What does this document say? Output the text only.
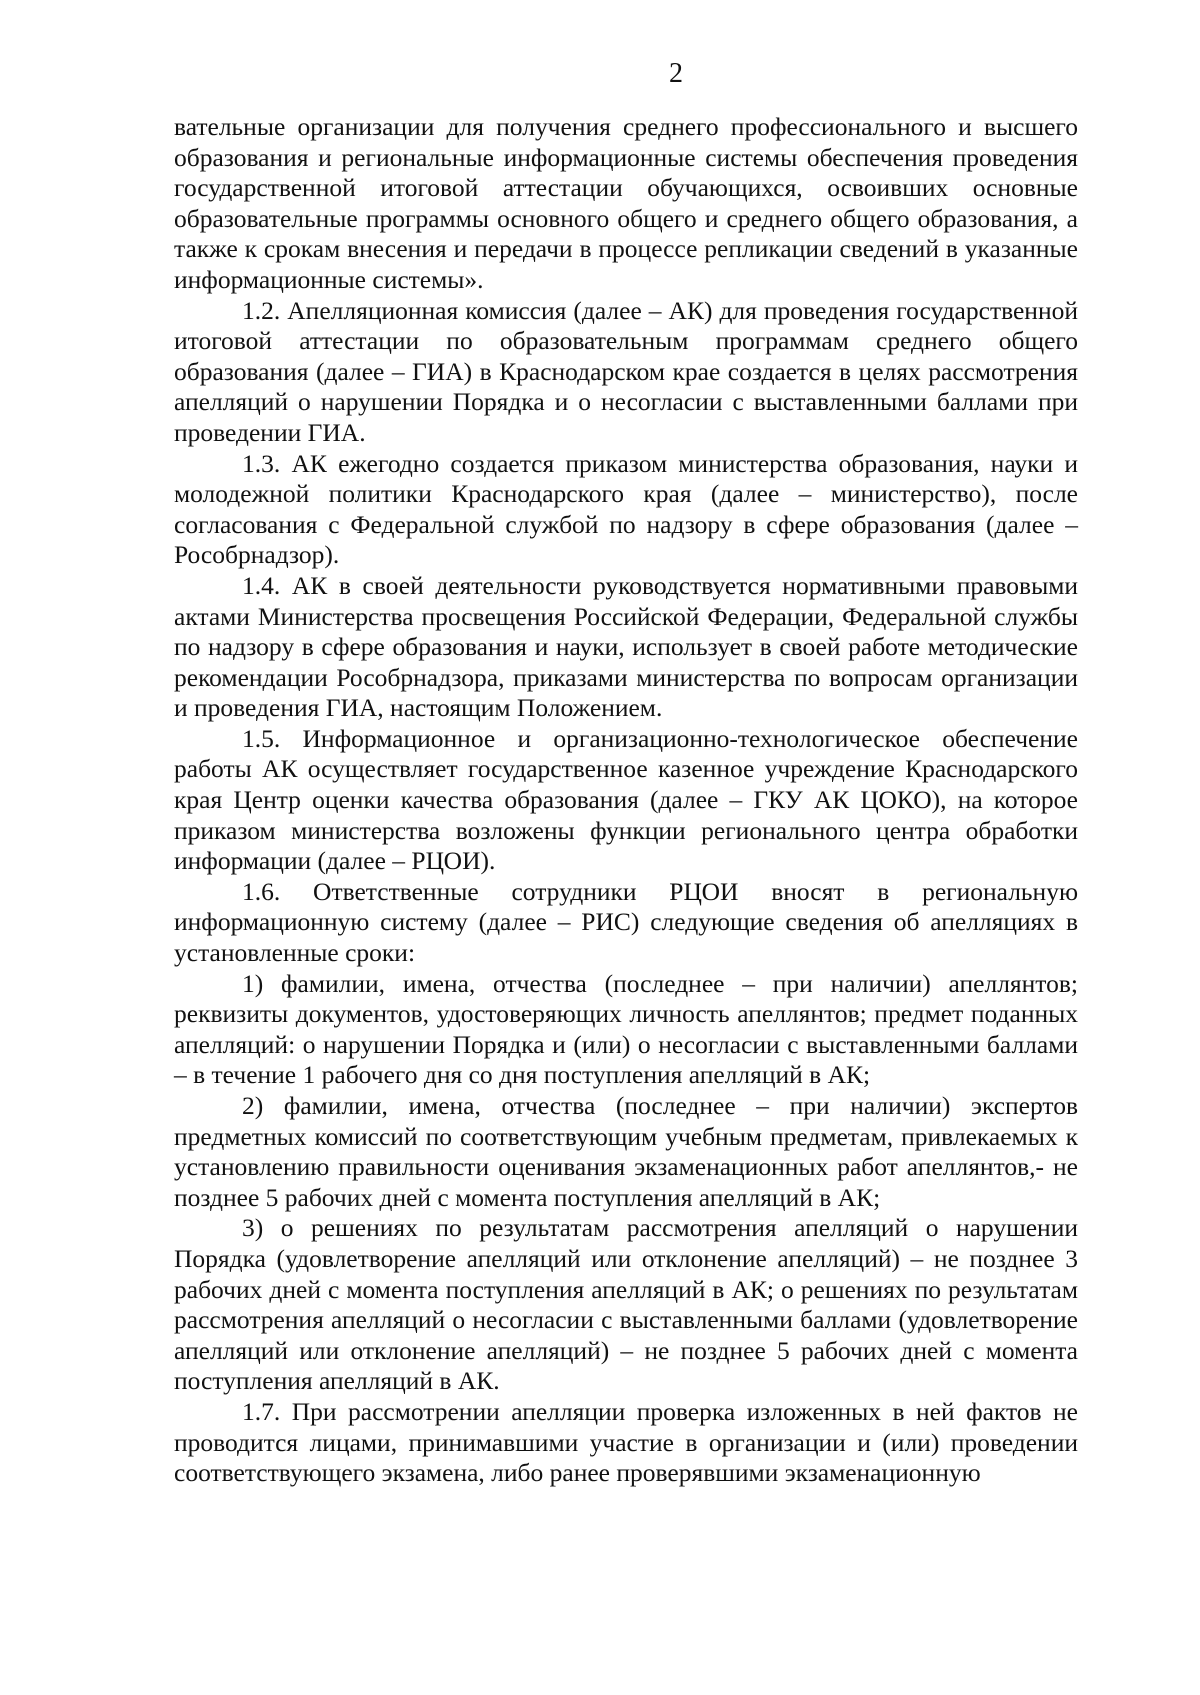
2

вательные организации для получения среднего профессионального и высшего образования и региональные информационные системы обеспечения проведения государственной итоговой аттестации обучающихся, освоивших основные образовательные программы основного общего и среднего общего образования, а также к срокам внесения и передачи в процессе репликации сведений в указанные информационные системы».

1.2. Апелляционная комиссия (далее – АК) для проведения государственной итоговой аттестации по образовательным программам среднего общего образования (далее – ГИА) в Краснодарском крае создается в целях рассмотрения апелляций о нарушении Порядка и о несогласии с выставленными баллами при проведении ГИА.

1.3. АК ежегодно создается приказом министерства образования, науки и молодежной политики Краснодарского края (далее – министерство), после согласования с Федеральной службой по надзору в сфере образования (далее – Рособрнадзор).

1.4. АК в своей деятельности руководствуется нормативными правовыми актами Министерства просвещения Российской Федерации, Федеральной службы по надзору в сфере образования и науки, использует в своей работе методические рекомендации Рособрнадзора, приказами министерства по вопросам организации и проведения ГИА, настоящим Положением.

1.5. Информационное и организационно-технологическое обеспечение работы АК осуществляет государственное казенное учреждение Краснодарского края Центр оценки качества образования (далее – ГКУ АК ЦОКО), на которое приказом министерства возложены функции регионального центра обработки информации (далее – РЦОИ).

1.6. Ответственные сотрудники РЦОИ вносят в региональную информационную систему (далее – РИС) следующие сведения об апелляциях в установленные сроки:

1) фамилии, имена, отчества (последнее – при наличии) апеллянтов; реквизиты документов, удостоверяющих личность апеллянтов; предмет поданных апелляций: о нарушении Порядка и (или) о несогласии с выставленными баллами – в течение 1 рабочего дня со дня поступления апелляций в АК;

2) фамилии, имена, отчества (последнее – при наличии) экспертов предметных комиссий по соответствующим учебным предметам, привлекаемых к установлению правильности оценивания экзаменационных работ апеллянтов,- не позднее 5 рабочих дней с момента поступления апелляций в АК;

3) о решениях по результатам рассмотрения апелляций о нарушении Порядка (удовлетворение апелляций или отклонение апелляций) – не позднее 3 рабочих дней с момента поступления апелляций в АК; о решениях по результатам рассмотрения апелляций о несогласии с выставленными баллами (удовлетворение апелляций или отклонение апелляций) – не позднее 5 рабочих дней с момента поступления апелляций в АК.

1.7. При рассмотрении апелляции проверка изложенных в ней фактов не проводится лицами, принимавшими участие в организации и (или) проведении соответствующего экзамена, либо ранее проверявшими экзаменационную
